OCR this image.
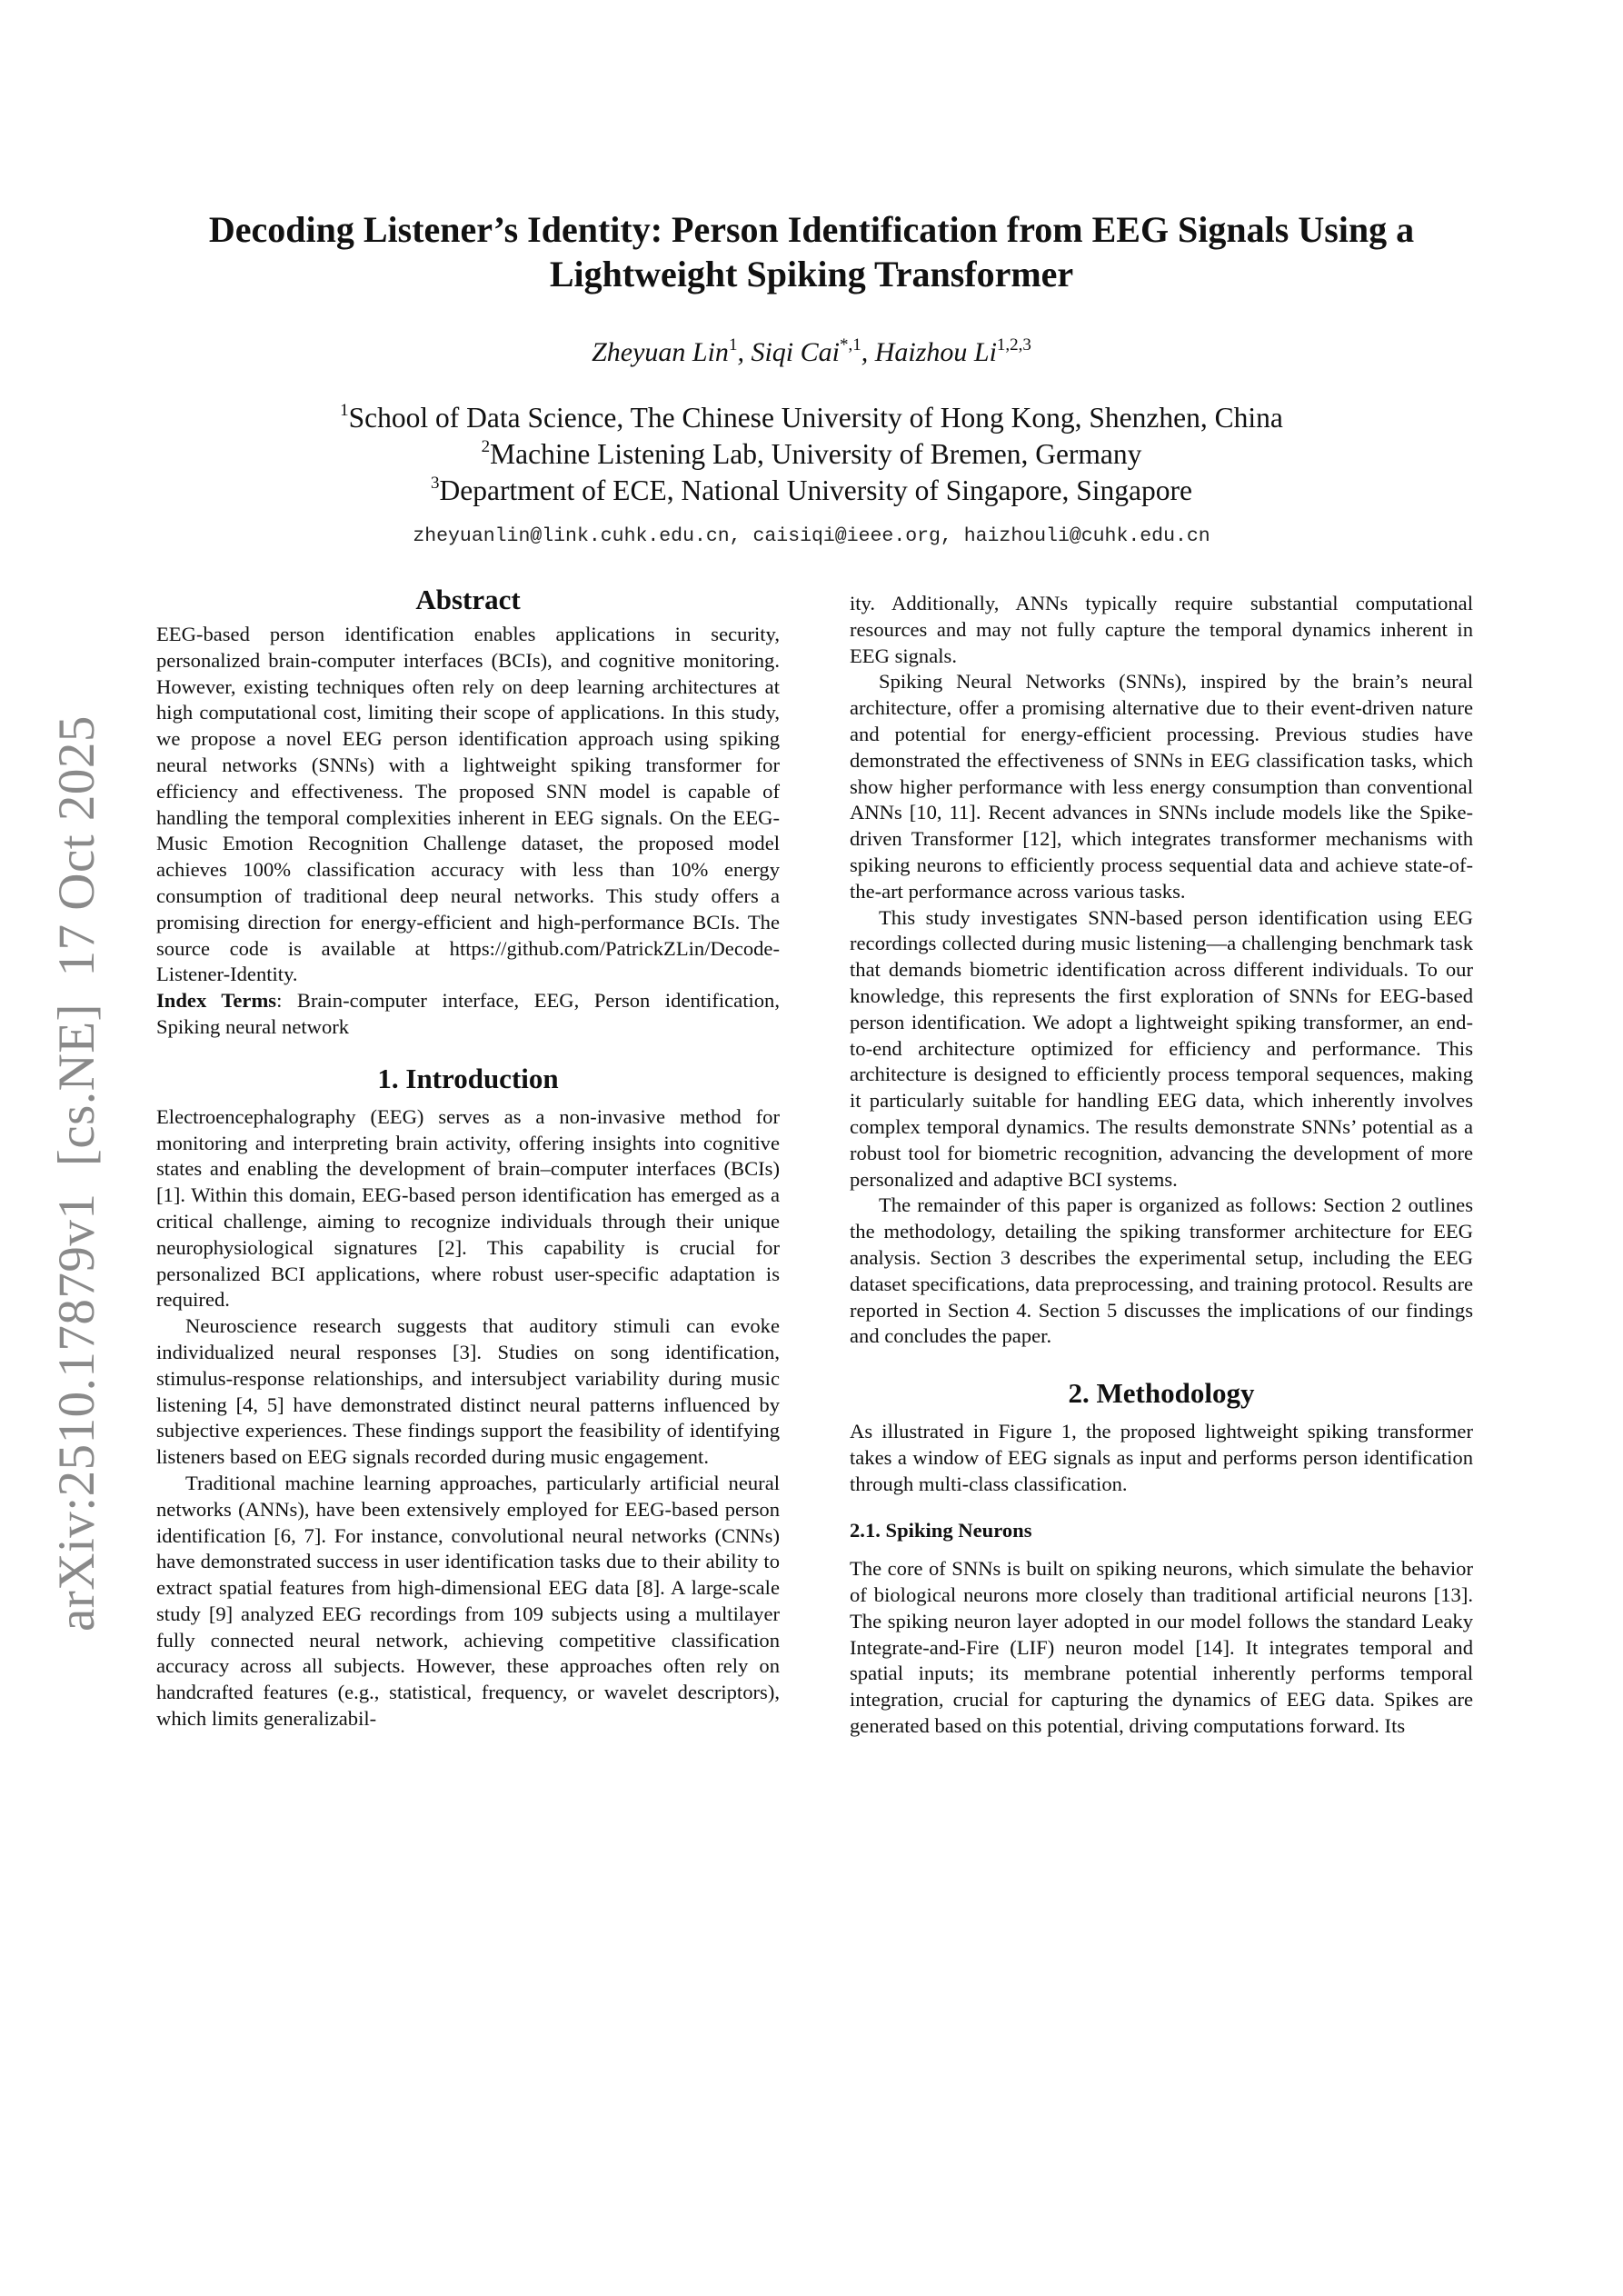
arXiv:2510.17879v1  [cs.NE]  17 Oct 2025
Decoding Listener’s Identity: Person Identification from EEG Signals Using a
Lightweight Spiking Transformer
Zheyuan Lin$^1$, Siqi Cai$^{*,1}$, Haizhou Li$^{1,2,3}$
$^1$School of Data Science, The Chinese University of Hong Kong, Shenzhen, China
$^2$Machine Listening Lab, University of Bremen, Germany
$^3$Department of ECE, National University of Singapore, Singapore
zheyuanlin@link.cuhk.edu.cn, caisiqi@ieee.org, haizhouli@cuhk.edu.cn
Abstract

EEG-based person identification enables applications in security, personalized brain-computer interfaces (BCIs), and cognitive monitoring. However, existing techniques often rely on deep learning architectures at high computational cost, limiting their scope of applications. In this study, we propose a novel EEG person identification approach using spiking neural networks (SNNs) with a lightweight spiking transformer for efficiency and effectiveness. The proposed SNN model is capable of handling the temporal complexities inherent in EEG signals. On the EEG-Music Emotion Recognition Challenge dataset, the proposed model achieves 100% classification accuracy with less than 10% energy consumption of traditional deep neural networks. This study offers a promising direction for energy-efficient and high-performance BCIs. The source code is available at https://github.com/PatrickZLin/Decode-Listener-Identity.

Index Terms: Brain-computer interface, EEG, Person identification, Spiking neural network

1. Introduction

Electroencephalography (EEG) serves as a non-invasive method for monitoring and interpreting brain activity, offering insights into cognitive states and enabling the development of brain–computer interfaces (BCIs) [1]. Within this domain, EEG-based person identification has emerged as a critical challenge, aiming to recognize individuals through their unique neurophysiological signatures [2]. This capability is crucial for personalized BCI applications, where robust user-specific adaptation is required.

Neuroscience research suggests that auditory stimuli can evoke individualized neural responses [3]. Studies on song identification, stimulus-response relationships, and intersubject variability during music listening [4, 5] have demonstrated distinct neural patterns influenced by subjective experiences. These findings support the feasibility of identifying listeners based on EEG signals recorded during music engagement.

Traditional machine learning approaches, particularly artificial neural networks (ANNs), have been extensively employed for EEG-based person identification [6, 7]. For instance, convolutional neural networks (CNNs) have demonstrated success in user identification tasks due to their ability to extract spatial features from high-dimensional EEG data [8]. A large-scale study [9] analyzed EEG recordings from 109 subjects using a multilayer fully connected neural network, achieving competitive classification accuracy across all subjects. However, these approaches often rely on handcrafted features (e.g., statistical, frequency, or wavelet descriptors), which limits generalizabil-

ity. Additionally, ANNs typically require substantial computational resources and may not fully capture the temporal dynamics inherent in EEG signals.

Spiking Neural Networks (SNNs), inspired by the brain’s neural architecture, offer a promising alternative due to their event-driven nature and potential for energy-efficient processing. Previous studies have demonstrated the effectiveness of SNNs in EEG classification tasks, which show higher performance with less energy consumption than conventional ANNs [10, 11]. Recent advances in SNNs include models like the Spike-driven Transformer [12], which integrates transformer mechanisms with spiking neurons to efficiently process sequential data and achieve state-of-the-art performance across various tasks.

This study investigates SNN-based person identification using EEG recordings collected during music listening—a challenging benchmark task that demands biometric identification across different individuals. To our knowledge, this represents the first exploration of SNNs for EEG-based person identification. We adopt a lightweight spiking transformer, an end-to-end architecture optimized for efficiency and performance. This architecture is designed to efficiently process temporal sequences, making it particularly suitable for handling EEG data, which inherently involves complex temporal dynamics. The results demonstrate SNNs’ potential as a robust tool for biometric recognition, advancing the development of more personalized and adaptive BCI systems.

The remainder of this paper is organized as follows: Section 2 outlines the methodology, detailing the spiking transformer architecture for EEG analysis. Section 3 describes the experimental setup, including the EEG dataset specifications, data preprocessing, and training protocol. Results are reported in Section 4. Section 5 discusses the implications of our findings and concludes the paper.

2. Methodology

As illustrated in Figure 1, the proposed lightweight spiking transformer takes a window of EEG signals as input and performs person identification through multi-class classification.

2.1. Spiking Neurons

The core of SNNs is built on spiking neurons, which simulate the behavior of biological neurons more closely than traditional artificial neurons [13]. The spiking neuron layer adopted in our model follows the standard Leaky Integrate-and-Fire (LIF) neuron model [14]. It integrates temporal and spatial inputs; its membrane potential inherently performs temporal integration, crucial for capturing the dynamics of EEG data. Spikes are generated based on this potential, driving computations forward. Its
